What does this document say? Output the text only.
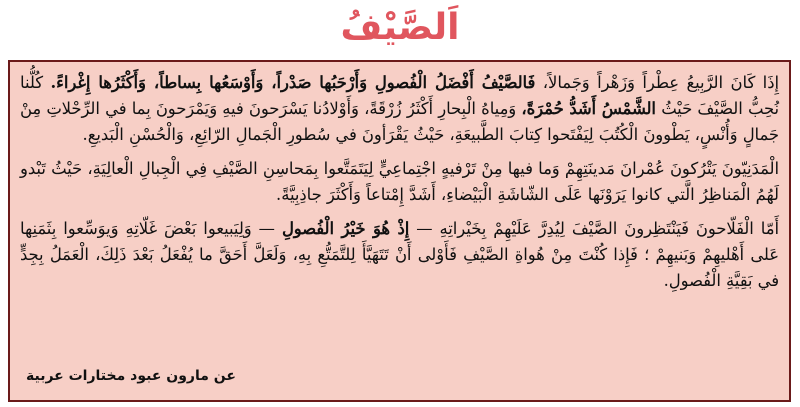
اَلصَّيْفُ

إِذَا كَانَ الرَّبِيعُ عِطْراً وَزَهْراً وَجَمالاً، فَالصَّيْفُ أَفْضَلُ الْفُصولِ وَأَرْحَبُها صَدْراً، وَأَوْسَعُها بِساطاً، وَأَكْثَرُها إِغْراءً. كُلُّنا نُحِبُّ الصَّيْفَ حَيْثُ الشَّمْسُ أَشَدُّ حُمْرَةً، وَمِياهُ الْبِحارِ أَكْثَرُ زُرْقَةً، وَأَوْلادُنا يَسْرَحونَ فيهِ وَيَمْرَحونَ بِما في الرِّحْلاتِ مِنْ جَمالٍ وَأُنْسٍ، يَطْوونَ الْكُتُبَ لِيَفْتَحوا كِتابَ الطَّبيعَةِ، حَيْثُ يَقْرَأونَ في سُطورِ الْجَمالِ الرّائِعِ، وَالْحُسْنِ الْبَديعِ.

الْمَدَنِيّونَ يَتْرُكونَ عُمْرانَ مَدينَتِهِمْ وَما فيها مِنْ تَرْفيهٍ اجْتِماعِيٍّ لِيَتَمَتَّعوا بِمَحاسِنِ الصَّيْفِ فِي الْجِبالِ الْعالِيَةِ، حَيْثُ تَبْدو لَهُمُ الْمَناظِرُ الَّتي كانوا يَرَوْنَها عَلَى الشّاشَةِ الْبَيْضاءِ، أَشَدَّ إِمْتاعاً وَأَكْثَرَ جاذِبِيَّةً.

أَمّا الْفَلّاحونَ فَيَنْتَظِرونَ الصَّيْفَ لِيُدِرَّ عَلَيْهِمْ بِخَيْراتِهِ — إِذْ هُوَ خَيْرُ الْفُصولِ — وَلِيَبيعوا بَعْضَ غَلّاتِهِ وَيوَسِّعوا بِثَمَنِها عَلى أَهْليهِمْ وَبَنيهِمْ ؛ فَإِذا كُنْتَ مِنْ هُواةِ الصَّيْفِ فَأَوْلى أَنْ تَتَهَيَّأَ لِلتَّمَتُّعِ بِهِ، وَلَعَلَّ أَحَقَّ ما يُفْعَلُ بَعْدَ ذَلِكَ، الْعَمَلُ بِجِدٍّ في بَقِيَّةِ الْفُصولِ.

عن مارون عبود مختارات عربية
